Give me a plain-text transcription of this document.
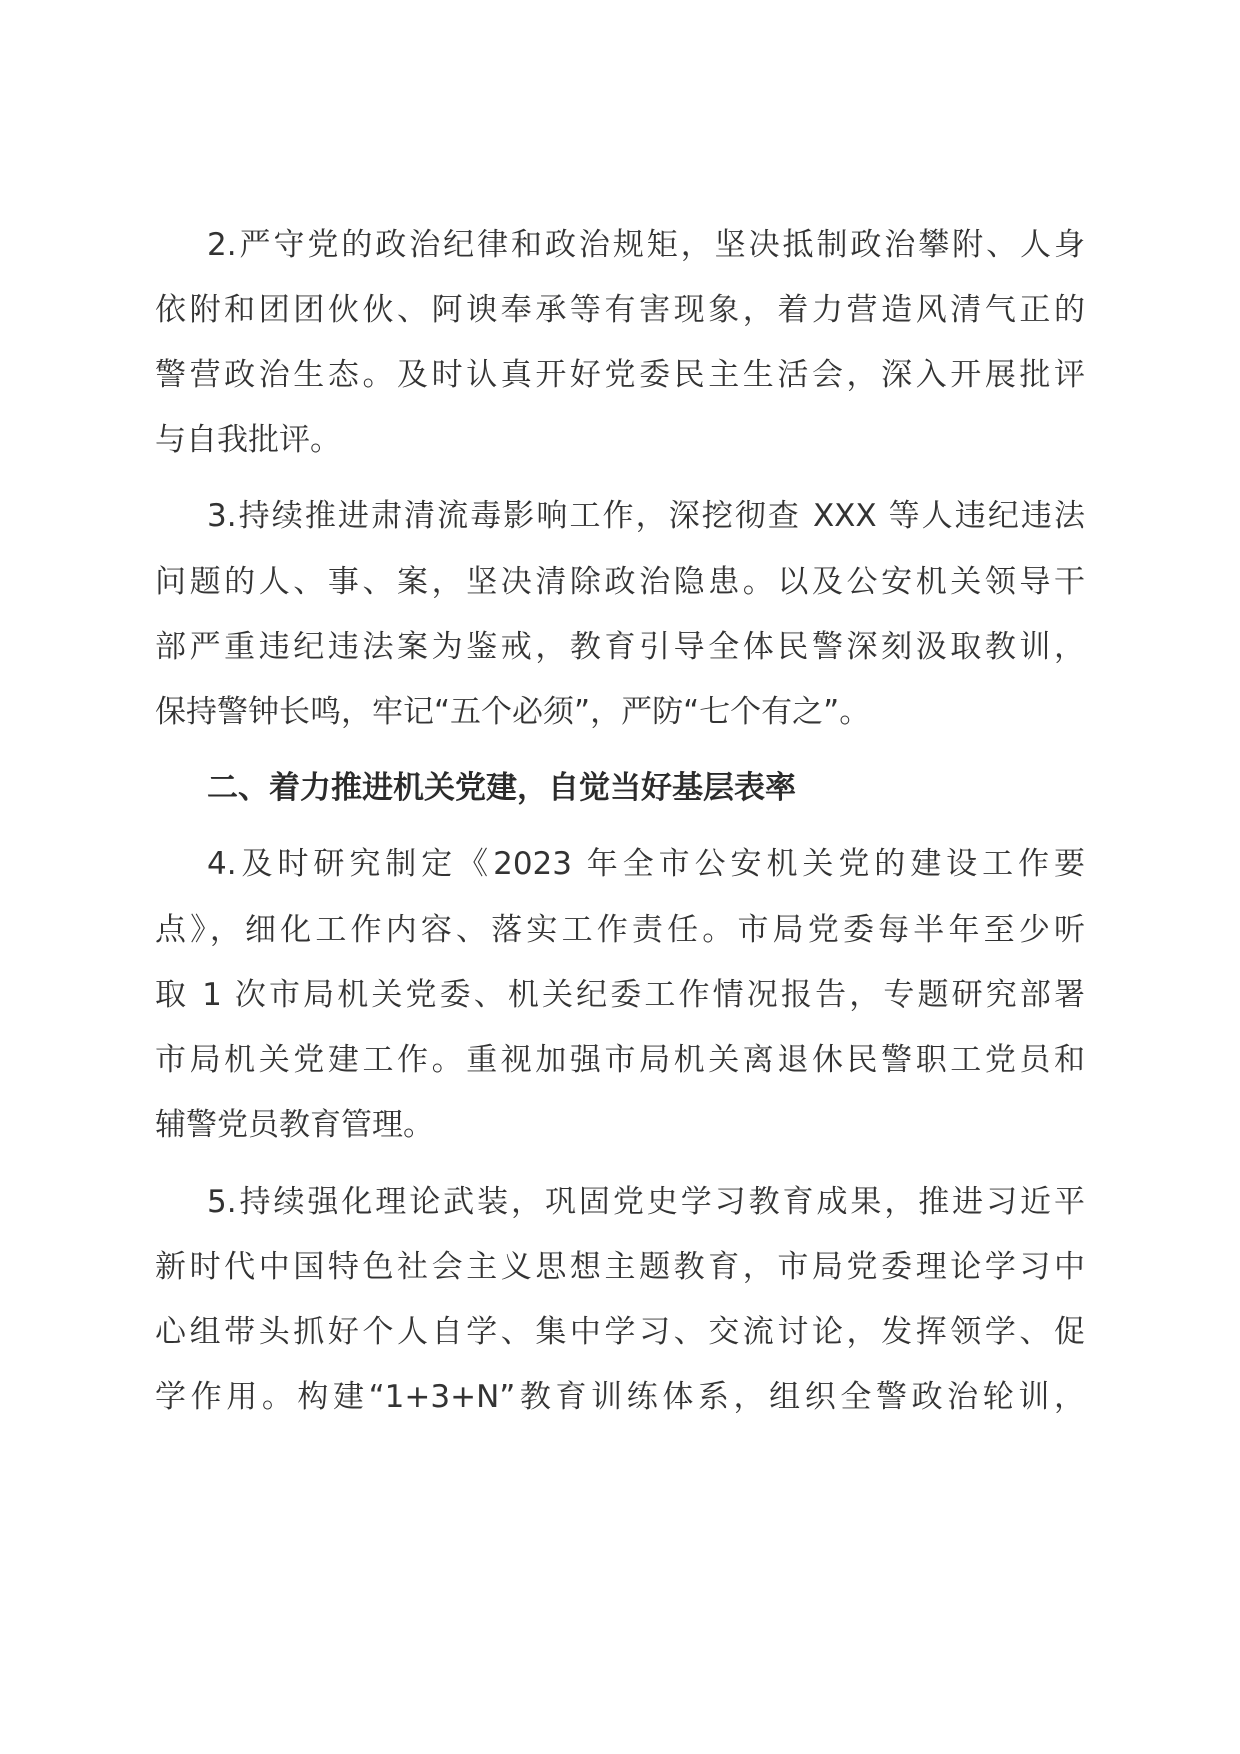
2.严守党的政治纪律和政治规矩，坚决抵制政治攀附、人身
依附和团团伙伙、阿谀奉承等有害现象，着力营造风清气正的
警营政治生态。及时认真开好党委民主生活会，深入开展批评
与自我批评。
3.持续推进肃清流毒影响工作，深挖彻查 XXX 等人违纪违法
问题的人、事、案，坚决清除政治隐患。以及公安机关领导干
部严重违纪违法案为鉴戒，教育引导全体民警深刻汲取教训，
保持警钟长鸣，牢记“五个必须”，严防“七个有之”。
二、着力推进机关党建，自觉当好基层表率
4.及时研究制定《2023 年全市公安机关党的建设工作要
点》，细化工作内容、落实工作责任。市局党委每半年至少听
取 1 次市局机关党委、机关纪委工作情况报告，专题研究部署
市局机关党建工作。重视加强市局机关离退休民警职工党员和
辅警党员教育管理。
5.持续强化理论武装，巩固党史学习教育成果，推进习近平
新时代中国特色社会主义思想主题教育，市局党委理论学习中
心组带头抓好个人自学、集中学习、交流讨论，发挥领学、促
学作用。构建“1+3+N”教育训练体系，组织全警政治轮训，
